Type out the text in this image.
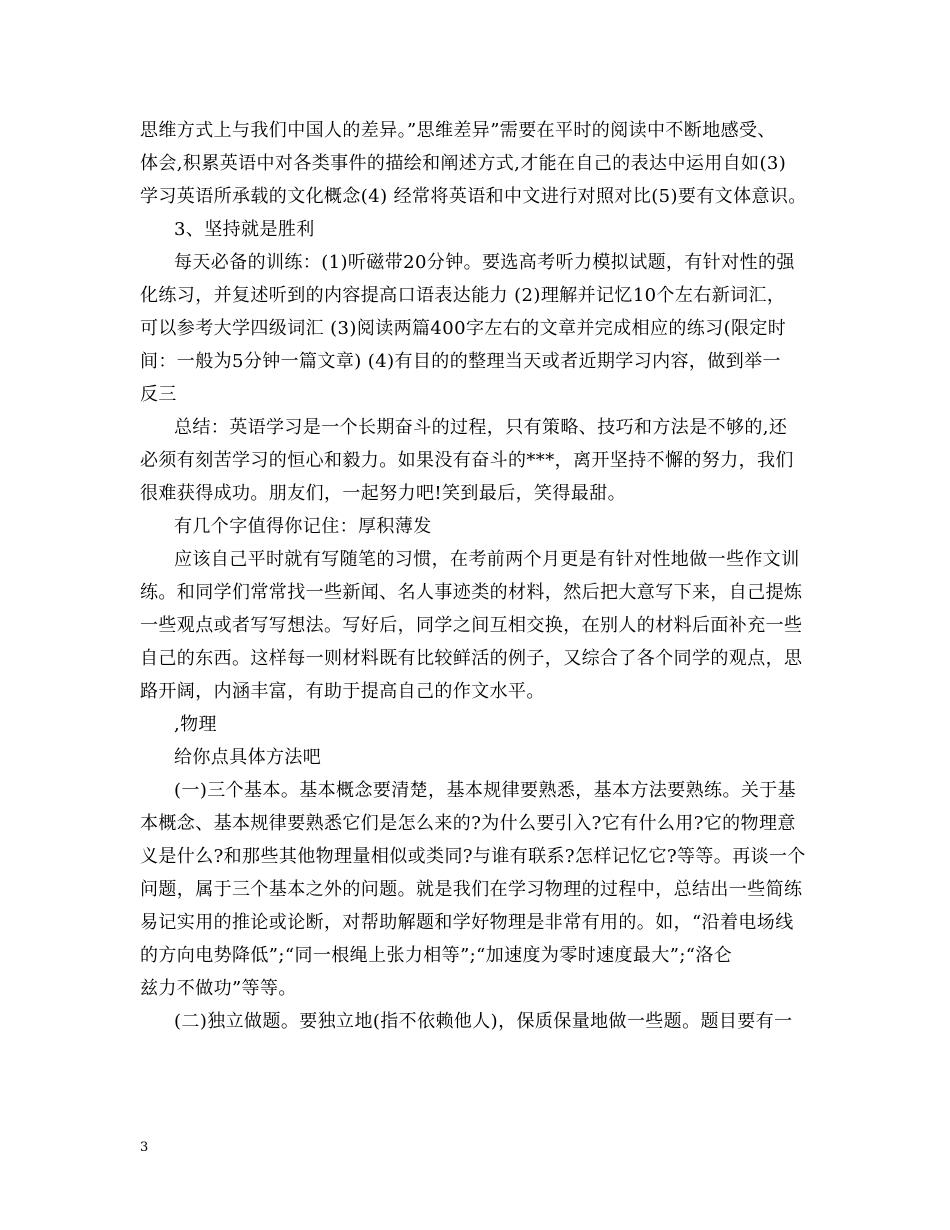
思维方式上与我们中国人的差异。”思维差异”需要在平时的阅读中不断地感受、
体会,积累英语中对各类事件的描绘和阐述方式,才能在自己的表达中运用自如(3)
学习英语所承载的文化概念(4) 经常将英语和中文进行对照对比(5)要有文体意识。
3、坚持就是胜利
每天必备的训练：(1)听磁带20分钟。要选高考听力模拟试题，有针对性的强
化练习，并复述听到的内容提高口语表达能力 (2)理解并记忆10个左右新词汇，
可以参考大学四级词汇 (3)阅读两篇400字左右的文章并完成相应的练习(限定时
间：一般为5分钟一篇文章) (4)有目的的整理当天或者近期学习内容，做到举一
反三
总结：英语学习是一个长期奋斗的过程，只有策略、技巧和方法是不够的,还
必须有刻苦学习的恒心和毅力。如果没有奋斗的***，离开坚持不懈的努力，我们
很难获得成功。朋友们，一起努力吧!笑到最后，笑得最甜。
有几个字值得你记住：厚积薄发
应该自己平时就有写随笔的习惯，在考前两个月更是有针对性地做一些作文训
练。和同学们常常找一些新闻、名人事迹类的材料，然后把大意写下来，自己提炼
一些观点或者写写想法。写好后，同学之间互相交换，在别人的材料后面补充一些
自己的东西。这样每一则材料既有比较鲜活的例子，又综合了各个同学的观点，思
路开阔，内涵丰富，有助于提高自己的作文水平。
,物理
给你点具体方法吧
(一)三个基本。基本概念要清楚，基本规律要熟悉，基本方法要熟练。关于基
本概念、基本规律要熟悉它们是怎么来的?为什么要引入?它有什么用?它的物理意
义是什么?和那些其他物理量相似或类同?与谁有联系?怎样记忆它?等等。再谈一个
问题，属于三个基本之外的问题。就是我们在学习物理的过程中，总结出一些简练
易记实用的推论或论断，对帮助解题和学好物理是非常有用的。如，“沿着电场线
的方向电势降低”;“同一根绳上张力相等”;“加速度为零时速度最大”;“洛仑
兹力不做功”等等。
(二)独立做题。要独立地(指不依赖他人)，保质保量地做一些题。题目要有一
3
